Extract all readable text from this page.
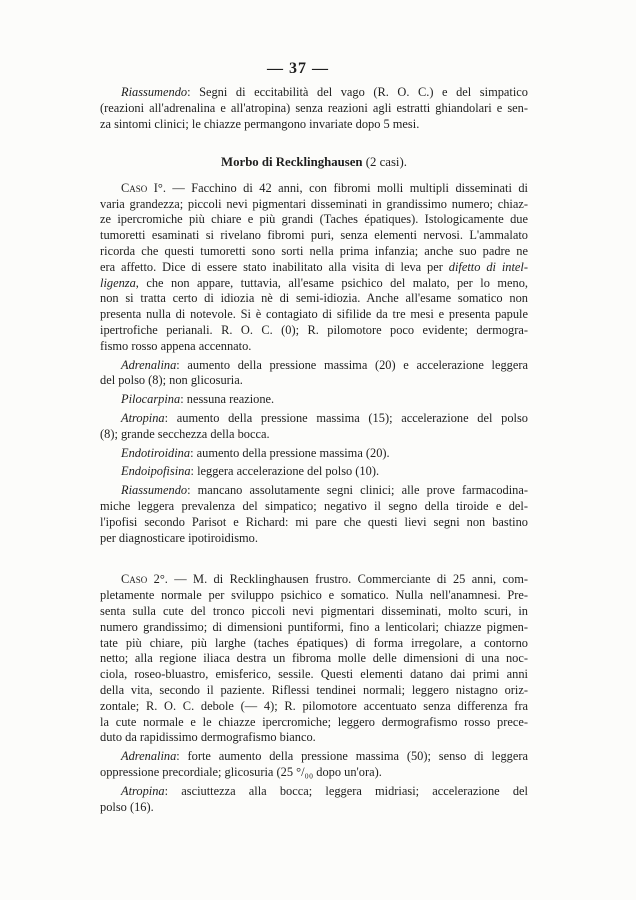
— 37 —
Riassumendo: Segni di eccitabilità del vago (R. O. C.) e del simpatico
(reazioni all'adrenalina e all'atropina) senza reazioni agli estratti ghiandolari e sen-
za sintomi clinici; le chiazze permangono invariate dopo 5 mesi.
Morbo di Recklinghausen (2 casi).
Caso I°. — Facchino di 42 anni, con fibromi molli multipli disseminati di
varia grandezza; piccoli nevi pigmentari disseminati in grandissimo numero; chiaz-
ze ipercromiche più chiare e più grandi (Taches épatiques). Istologicamente due
tumoretti esaminati si rivelano fibromi puri, senza elementi nervosi. L'ammalato
ricorda che questi tumoretti sono sorti nella prima infanzia; anche suo padre ne
era affetto. Dice di essere stato inabilitato alla visita di leva per difetto di intel-
ligenza, che non appare, tuttavia, all'esame psichico del malato, per lo meno,
non si tratta certo di idiozia nè di semi-idiozia. Anche all'esame somatico non
presenta nulla di notevole. Si è contagiato di sifilide da tre mesi e presenta papule
ipertrofiche perianali. R. O. C. (0); R. pilomotore poco evidente; dermogra-
fismo rosso appena accennato.
Adrenalina: aumento della pressione massima (20) e accelerazione leggera
del polso (8); non glicosuria.
Pilocarpina: nessuna reazione.
Atropina: aumento della pressione massima (15); accelerazione del polso
(8); grande secchezza della bocca.
Endotiroidina: aumento della pressione massima (20).
Endoipofisina: leggera accelerazione del polso (10).
Riassumendo: mancano assolutamente segni clinici; alle prove farmacodina-
miche leggera prevalenza del simpatico; negativo il segno della tiroide e del-
l'ipofisi secondo Parisot e Richard: mi pare che questi lievi segni non bastino
per diagnosticare ipotiroidismo.
Caso 2°. — M. di Recklinghausen frustro. Commerciante di 25 anni, com-
pletamente normale per sviluppo psichico e somatico. Nulla nell'anamnesi. Pre-
senta sulla cute del tronco piccoli nevi pigmentari disseminati, molto scuri, in
numero grandissimo; di dimensioni puntiformi, fino a lenticolari; chiazze pigmen-
tate più chiare, più larghe (taches épatiques) di forma irregolare, a contorno
netto; alla regione iliaca destra un fibroma molle delle dimensioni di una noc-
ciola, roseo-bluastro, emisferico, sessile. Questi elementi datano dai primi anni
della vita, secondo il paziente. Riflessi tendinei normali; leggero nistagno oriz-
zontale; R. O. C. debole (— 4); R. pilomotore accentuato senza differenza fra
la cute normale e le chiazze ipercromiche; leggero dermografismo rosso prece-
duto da rapidissimo dermografismo bianco.
Adrenalina: forte aumento della pressione massima (50); senso di leggera
oppressione precordiale; glicosuria (25 °/₀₀ dopo un'ora).
Atropina: asciuttezza alla bocca; leggera midriasi; accelerazione del
polso (16).
